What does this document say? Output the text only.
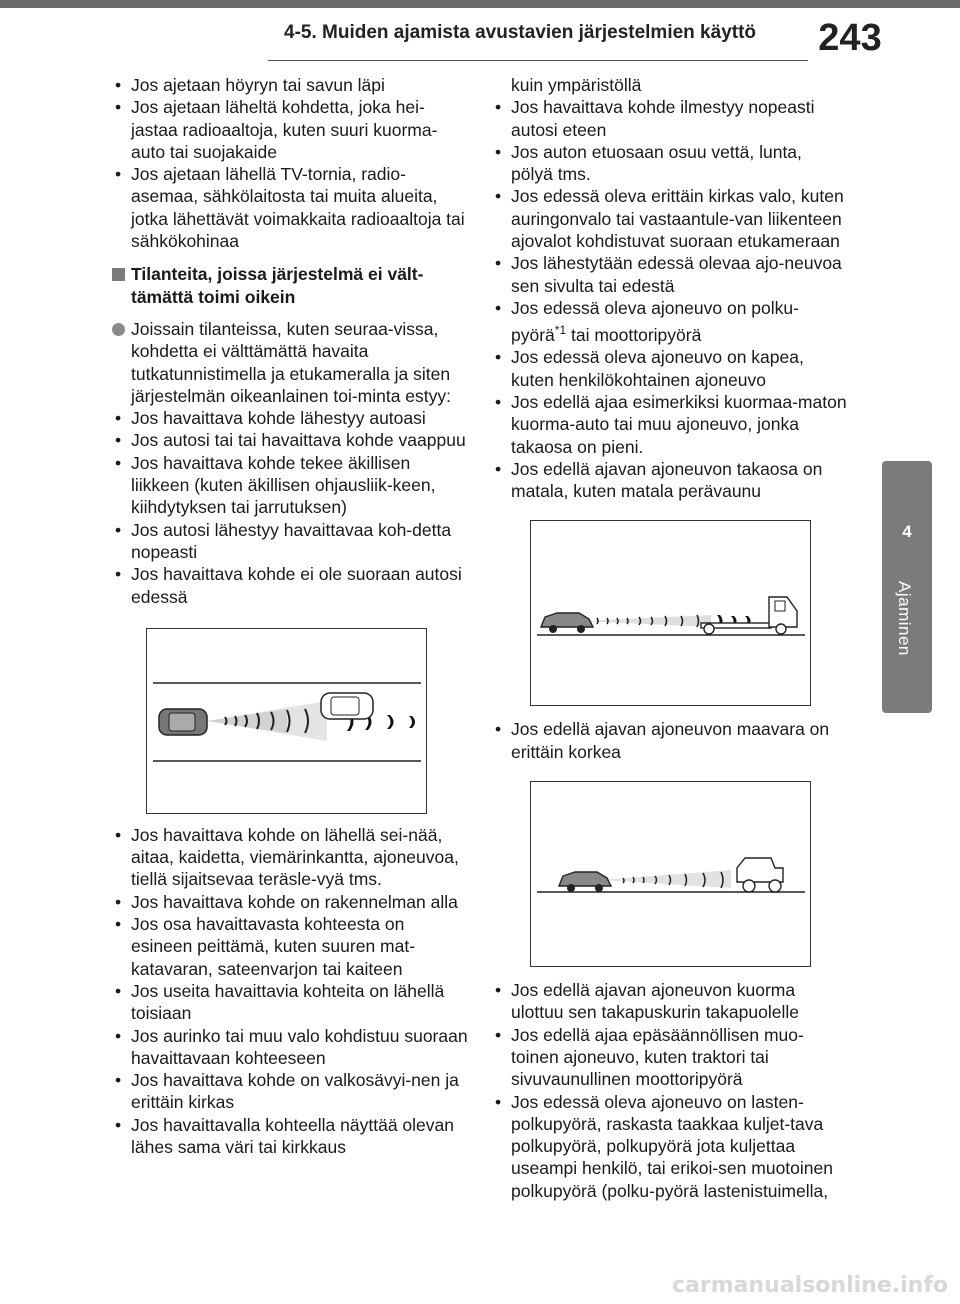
4-5. Muiden ajamista avustavien järjestelmien käyttö 243
4
Ajaminen
• Jos ajetaan höyryn tai savun läpi
• Jos ajetaan läheltä kohdetta, joka hei-jastaa radioaaltoja, kuten suuri kuorma-auto tai suojakaide
• Jos ajetaan lähellä TV-tornia, radio-asemaa, sähkölaitosta tai muita alueita, jotka lähettävät voimakkaita radioaaltoja tai sähkökohinaa
Tilanteita, joissa järjestelmä ei vält-tämättä toimi oikein
Joissain tilanteissa, kuten seuraa-vissa, kohdetta ei välttämättä havaita tutkatunnistimella ja etukameralla ja siten järjestelmän oikeanlainen toi-minta estyy:
• Jos havaittava kohde lähestyy autoasi
• Jos autosi tai tai havaittava kohde vaappuu
• Jos havaittava kohde tekee äkillisen liikkeen (kuten äkillisen ohjausliik-keen, kiihdytyksen tai jarrutuksen)
• Jos autosi lähestyy havaittavaa koh-detta nopeasti
• Jos havaittava kohde ei ole suoraan autosi edessä
• Jos havaittava kohde on lähellä sei-nää, aitaa, kaidetta, viemärinkantta, ajoneuvoa, tiellä sijaitsevaa teräsle-vyä tms.
• Jos havaittava kohde on rakennelman alla
• Jos osa havaittavasta kohteesta on esineen peittämä, kuten suuren mat-katavaran, sateenvarjon tai kaiteen
• Jos useita havaittavia kohteita on lähellä toisiaan
• Jos aurinko tai muu valo kohdistuu suoraan havaittavaan kohteeseen
• Jos havaittava kohde on valkosävyi-nen ja erittäin kirkas
• Jos havaittavalla kohteella näyttää olevan lähes sama väri tai kirkkaus
kuin ympäristöllä
• Jos havaittava kohde ilmestyy nopeasti autosi eteen
• Jos auton etuosaan osuu vettä, lunta, pölyä tms.
• Jos edessä oleva erittäin kirkas valo, kuten auringonvalo tai vastaantule-van liikenteen ajovalot kohdistuvat suoraan etukameraan
• Jos lähestytään edessä olevaa ajo-neuvoa sen sivulta tai edestä
• Jos edessä oleva ajoneuvo on polku-pyörä$^{*1}$ tai moottoripyörä
• Jos edessä oleva ajoneuvo on kapea, kuten henkilökohtainen ajoneuvo
• Jos edellä ajaa esimerkiksi kuormaa-maton kuorma-auto tai muu ajoneuvo, jonka takaosa on pieni.
• Jos edellä ajavan ajoneuvon takaosa on matala, kuten matala perävaunu
• Jos edellä ajavan ajoneuvon maavara on erittäin korkea
• Jos edellä ajavan ajoneuvon kuorma ulottuu sen takapuskurin takapuolelle
• Jos edellä ajaa epäsäännöllisen muo-toinen ajoneuvo, kuten traktori tai sivuvaunullinen moottoripyörä
• Jos edessä oleva ajoneuvo on lasten-polkupyörä, raskasta taakkaa kuljet-tava polkupyörä, polkupyörä jota kuljettaa useampi henkilö, tai erikoi-sen muotoinen polkupyörä (polku-pyörä lastenistuimella,
carmanualsonline.info
